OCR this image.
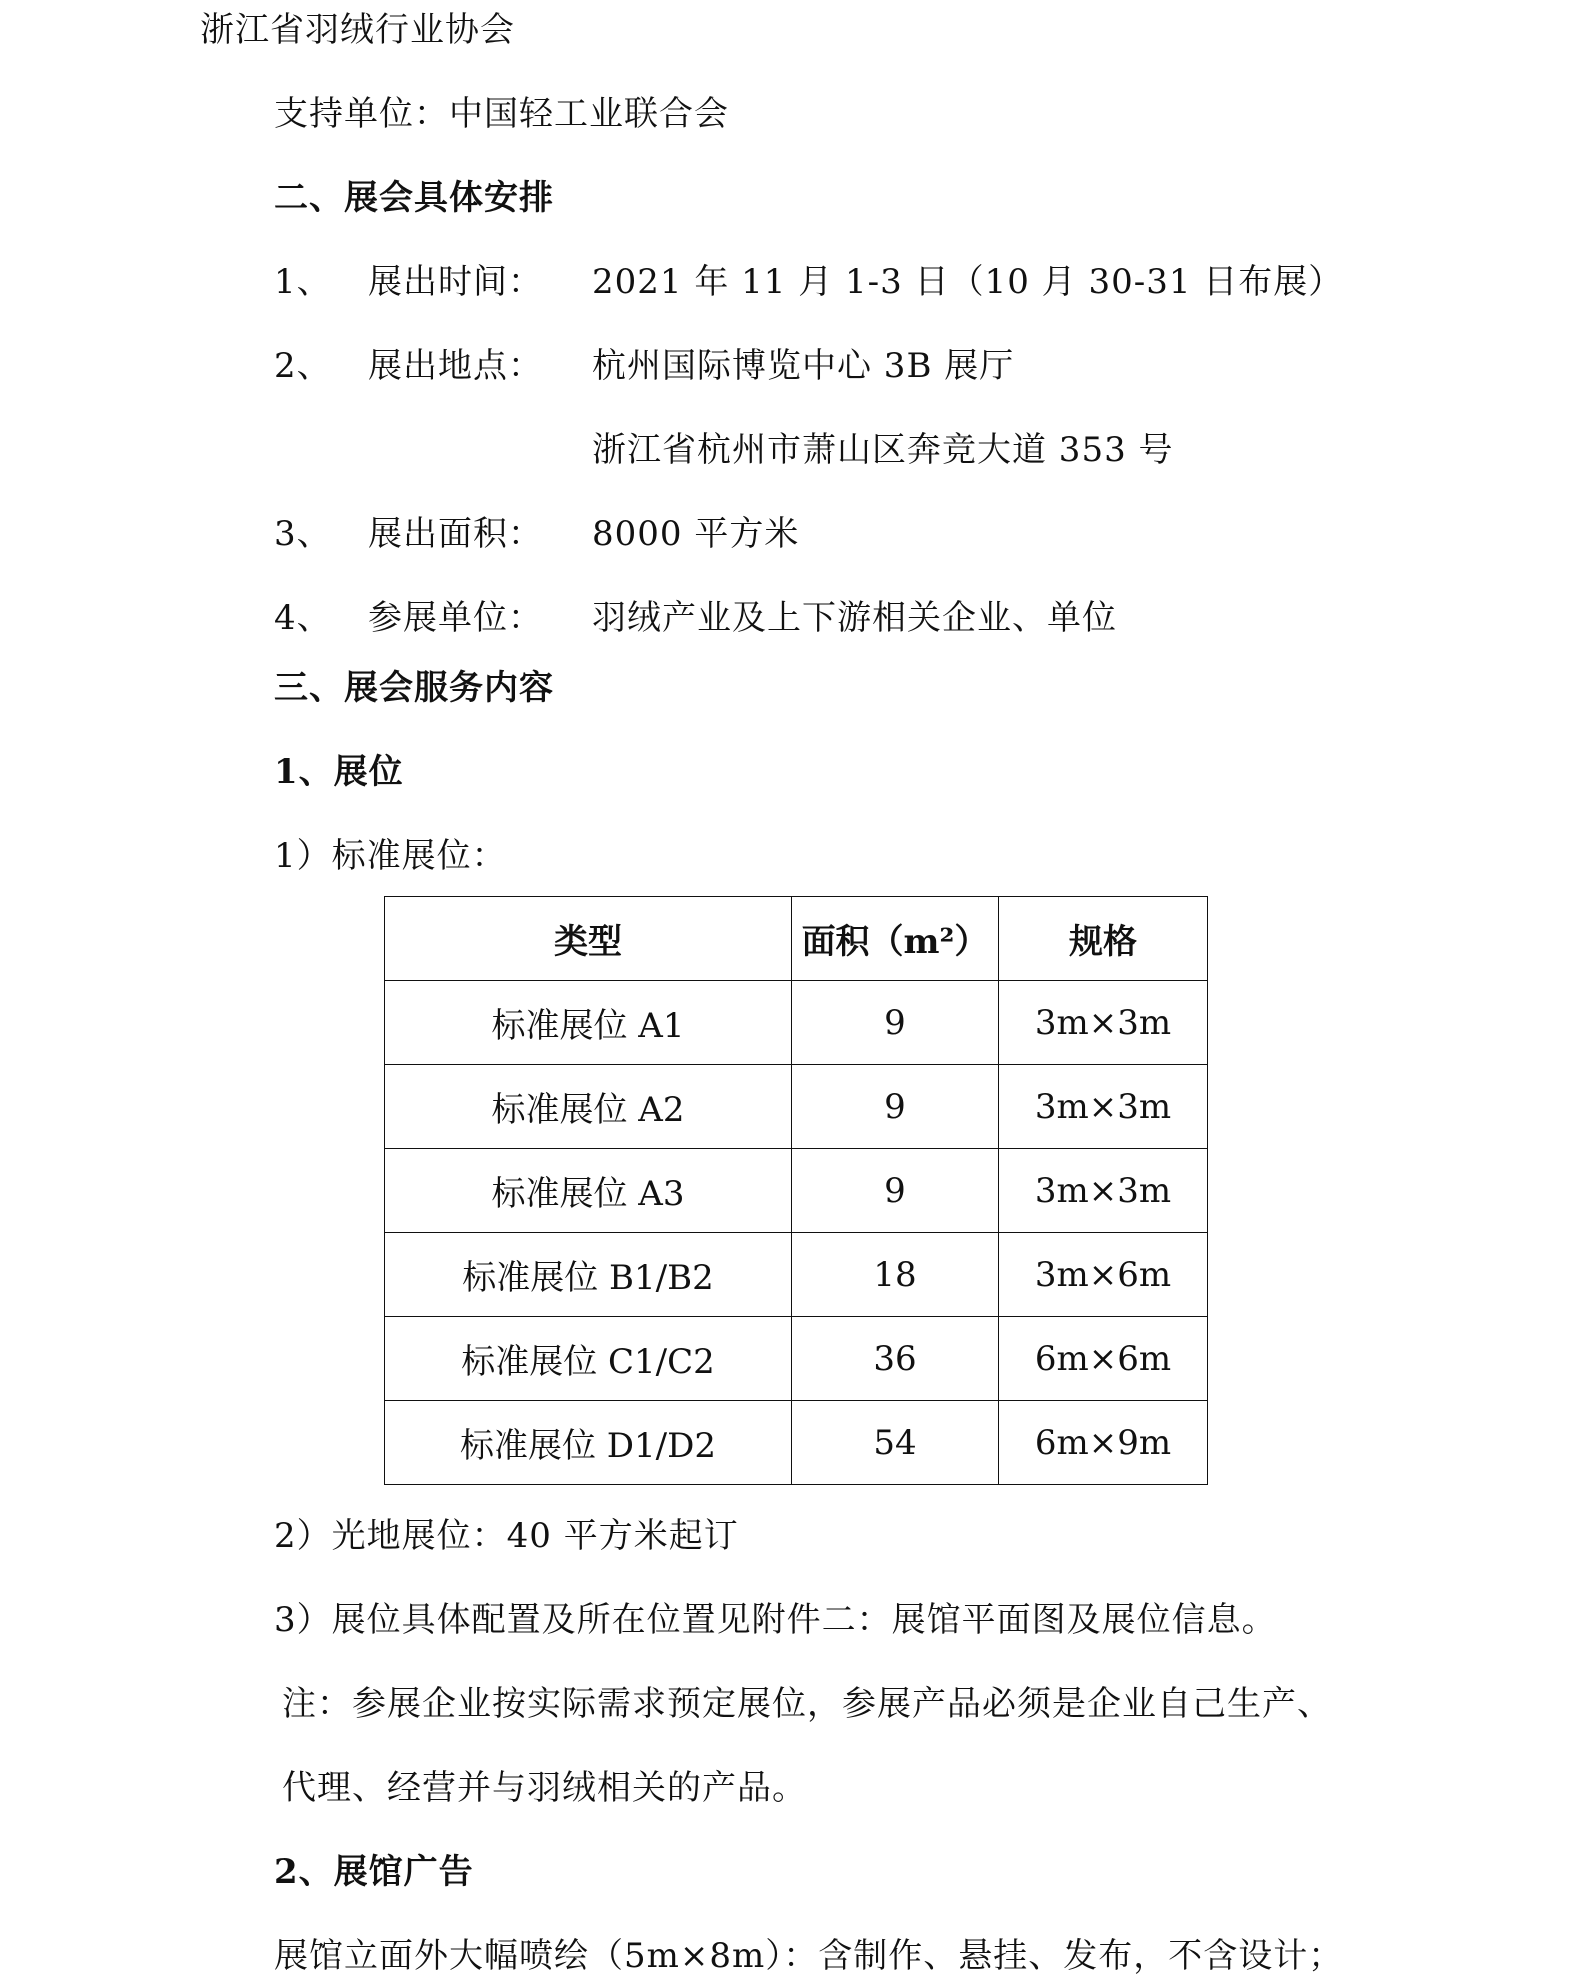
浙江省羽绒行业协会
支持单位：中国轻工业联合会
二、展会具体安排
1、 展出时间： 2021 年 11 月 1-3 日（10 月 30-31 日布展）
2、 展出地点： 杭州国际博览中心 3B 展厅
浙江省杭州市萧山区奔竞大道 353 号
3、 展出面积： 8000 平方米
4、 参展单位： 羽绒产业及上下游相关企业、单位
三、展会服务内容
1、展位
1）标准展位：
类型	面积（m²）	规格
标准展位 A1	9	3m×3m
标准展位 A2	9	3m×3m
标准展位 A3	9	3m×3m
标准展位 B1/B2	18	3m×6m
标准展位 C1/C2	36	6m×6m
标准展位 D1/D2	54	6m×9m
2）光地展位：40 平方米起订
3）展位具体配置及所在位置见附件二：展馆平面图及展位信息。
注：参展企业按实际需求预定展位，参展产品必须是企业自己生产、
代理、经营并与羽绒相关的产品。
2、展馆广告
展馆立面外大幅喷绘（5m×8m）：含制作、悬挂、发布，不含设计；
